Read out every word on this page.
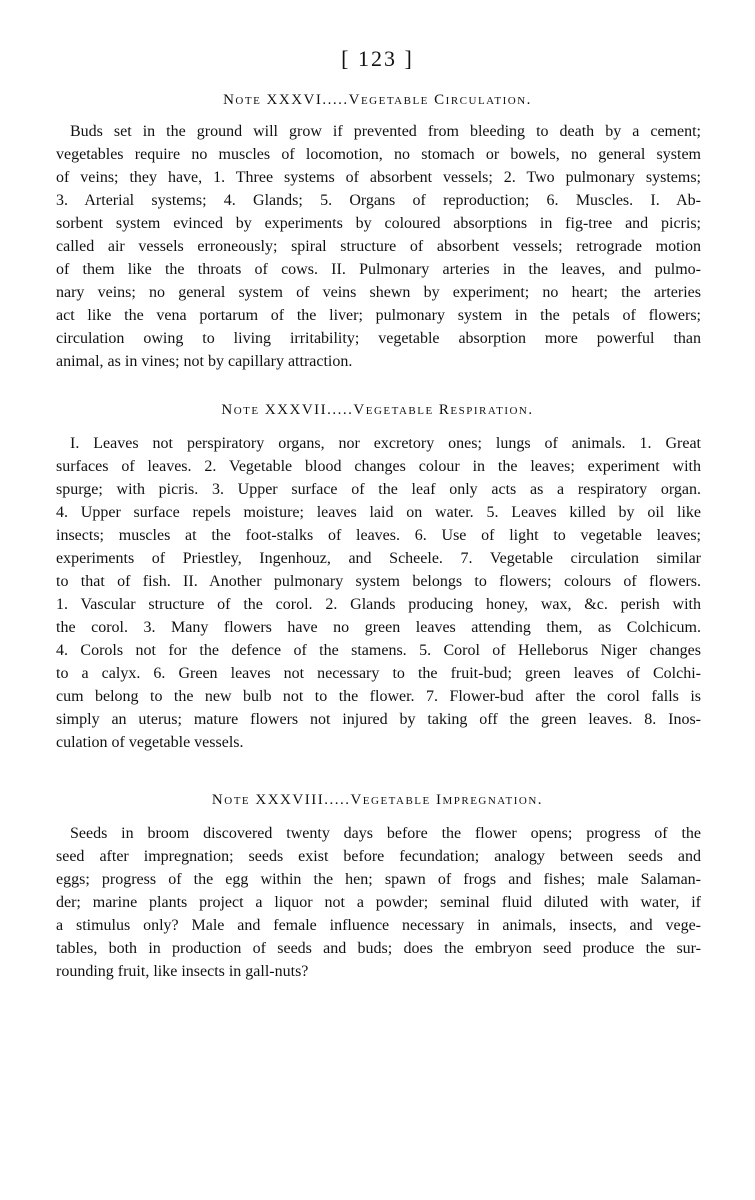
[ 123 ]
Note XXXVI.....Vegetable Circulation.
Buds set in the ground will grow if prevented from bleeding to death by a cement;
vegetables require no muscles of locomotion, no stomach or bowels, no general system
of veins; they have, 1. Three systems of absorbent vessels; 2. Two pulmonary systems;
3. Arterial systems; 4. Glands; 5. Organs of reproduction; 6. Muscles. I. Ab-
sorbent system evinced by experiments by coloured absorptions in fig-tree and picris;
called air vessels erroneously; spiral structure of absorbent vessels; retrograde motion
of them like the throats of cows. II. Pulmonary arteries in the leaves, and pulmo-
nary veins; no general system of veins shewn by experiment; no heart; the arteries
act like the vena portarum of the liver; pulmonary system in the petals of flowers;
circulation owing to living irritability; vegetable absorption more powerful than
animal, as in vines; not by capillary attraction.
Note XXXVII.....Vegetable Respiration.
I. Leaves not perspiratory organs, nor excretory ones; lungs of animals. 1. Great
surfaces of leaves. 2. Vegetable blood changes colour in the leaves; experiment with
spurge; with picris. 3. Upper surface of the leaf only acts as a respiratory organ.
4. Upper surface repels moisture; leaves laid on water. 5. Leaves killed by oil like
insects; muscles at the foot-stalks of leaves. 6. Use of light to vegetable leaves;
experiments of Priestley, Ingenhouz, and Scheele. 7. Vegetable circulation similar
to that of fish. II. Another pulmonary system belongs to flowers; colours of flowers.
1. Vascular structure of the corol. 2. Glands producing honey, wax, &c. perish with
the corol. 3. Many flowers have no green leaves attending them, as Colchicum.
4. Corols not for the defence of the stamens. 5. Corol of Helleborus Niger changes
to a calyx. 6. Green leaves not necessary to the fruit-bud; green leaves of Colchi-
cum belong to the new bulb not to the flower. 7. Flower-bud after the corol falls is
simply an uterus; mature flowers not injured by taking off the green leaves. 8. Inos-
culation of vegetable vessels.
Note XXXVIII.....Vegetable Impregnation.
Seeds in broom discovered twenty days before the flower opens; progress of the
seed after impregnation; seeds exist before fecundation; analogy between seeds and
eggs; progress of the egg within the hen; spawn of frogs and fishes; male Salaman-
der; marine plants project a liquor not a powder; seminal fluid diluted with water, if
a stimulus only? Male and female influence necessary in animals, insects, and vege-
tables, both in production of seeds and buds; does the embryon seed produce the sur-
rounding fruit, like insects in gall-nuts?
